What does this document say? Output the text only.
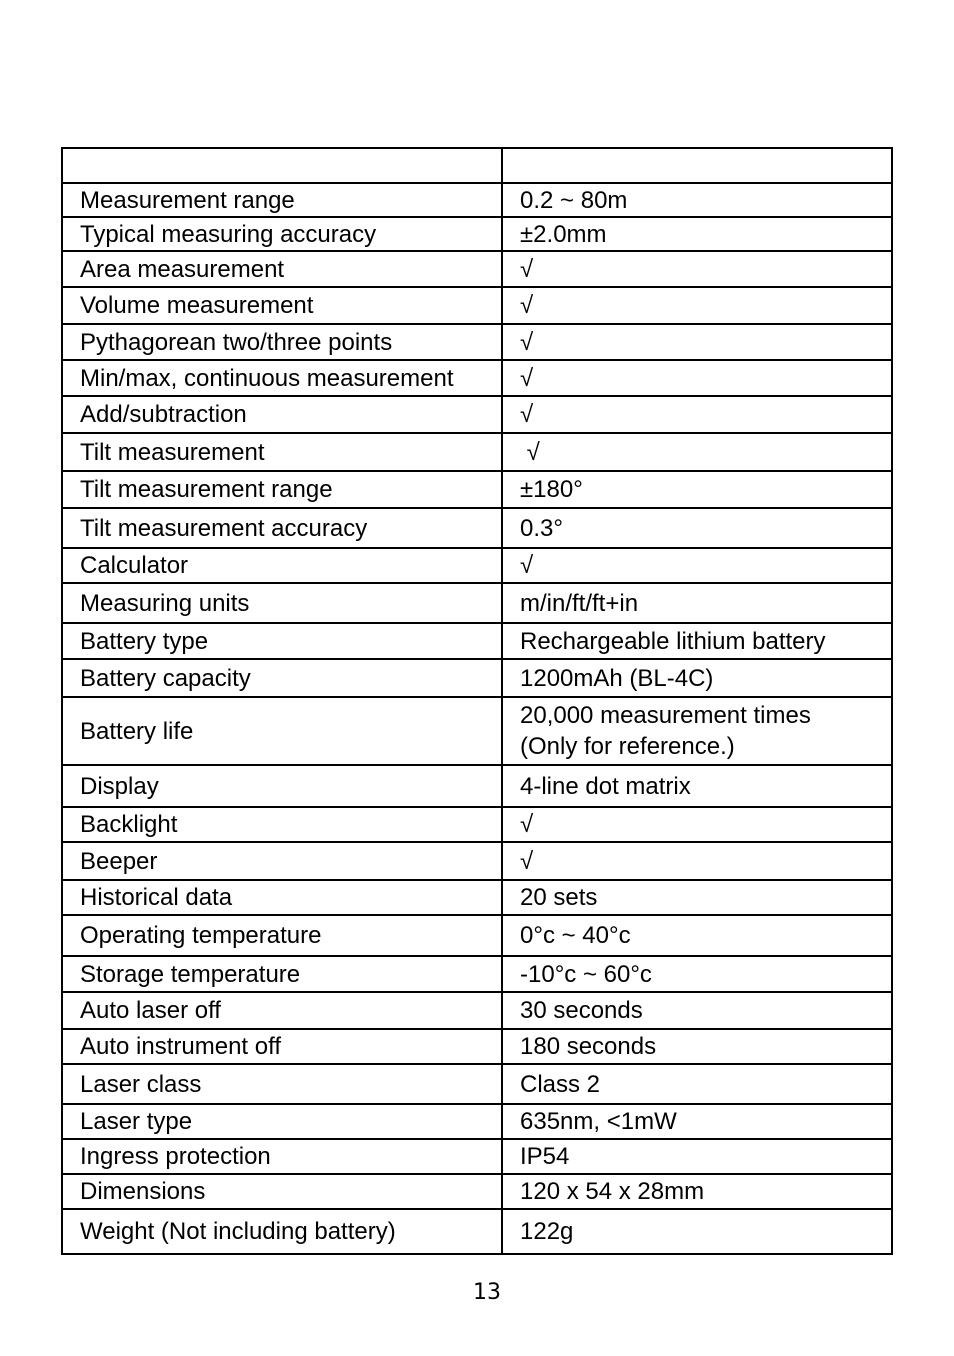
Measurement range	0.2 ~ 80m
Typical measuring accuracy	±2.0mm
Area measurement	√
Volume measurement	√
Pythagorean two/three points	√
Min/max, continuous measurement	√
Add/subtraction	√
Tilt measurement	√
Tilt measurement range	±180°
Tilt measurement accuracy	0.3°
Calculator	√
Measuring units	m/in/ft/ft+in
Battery type	Rechargeable lithium battery
Battery capacity	1200mAh (BL-4C)
Battery life	20,000 measurement times
(Only for reference.)

Display	4-line dot matrix
Backlight	√
Beeper	√
Historical data	20 sets
Operating temperature	0°c ~ 40°c
Storage temperature	-10°c ~ 60°c
Auto laser off	30 seconds
Auto instrument off	180 seconds
Laser class	Class 2
Laser type	635nm, <1mW
Ingress protection	IP54
Dimensions	120 x 54 x 28mm
Weight (Not including battery)	122g
13
